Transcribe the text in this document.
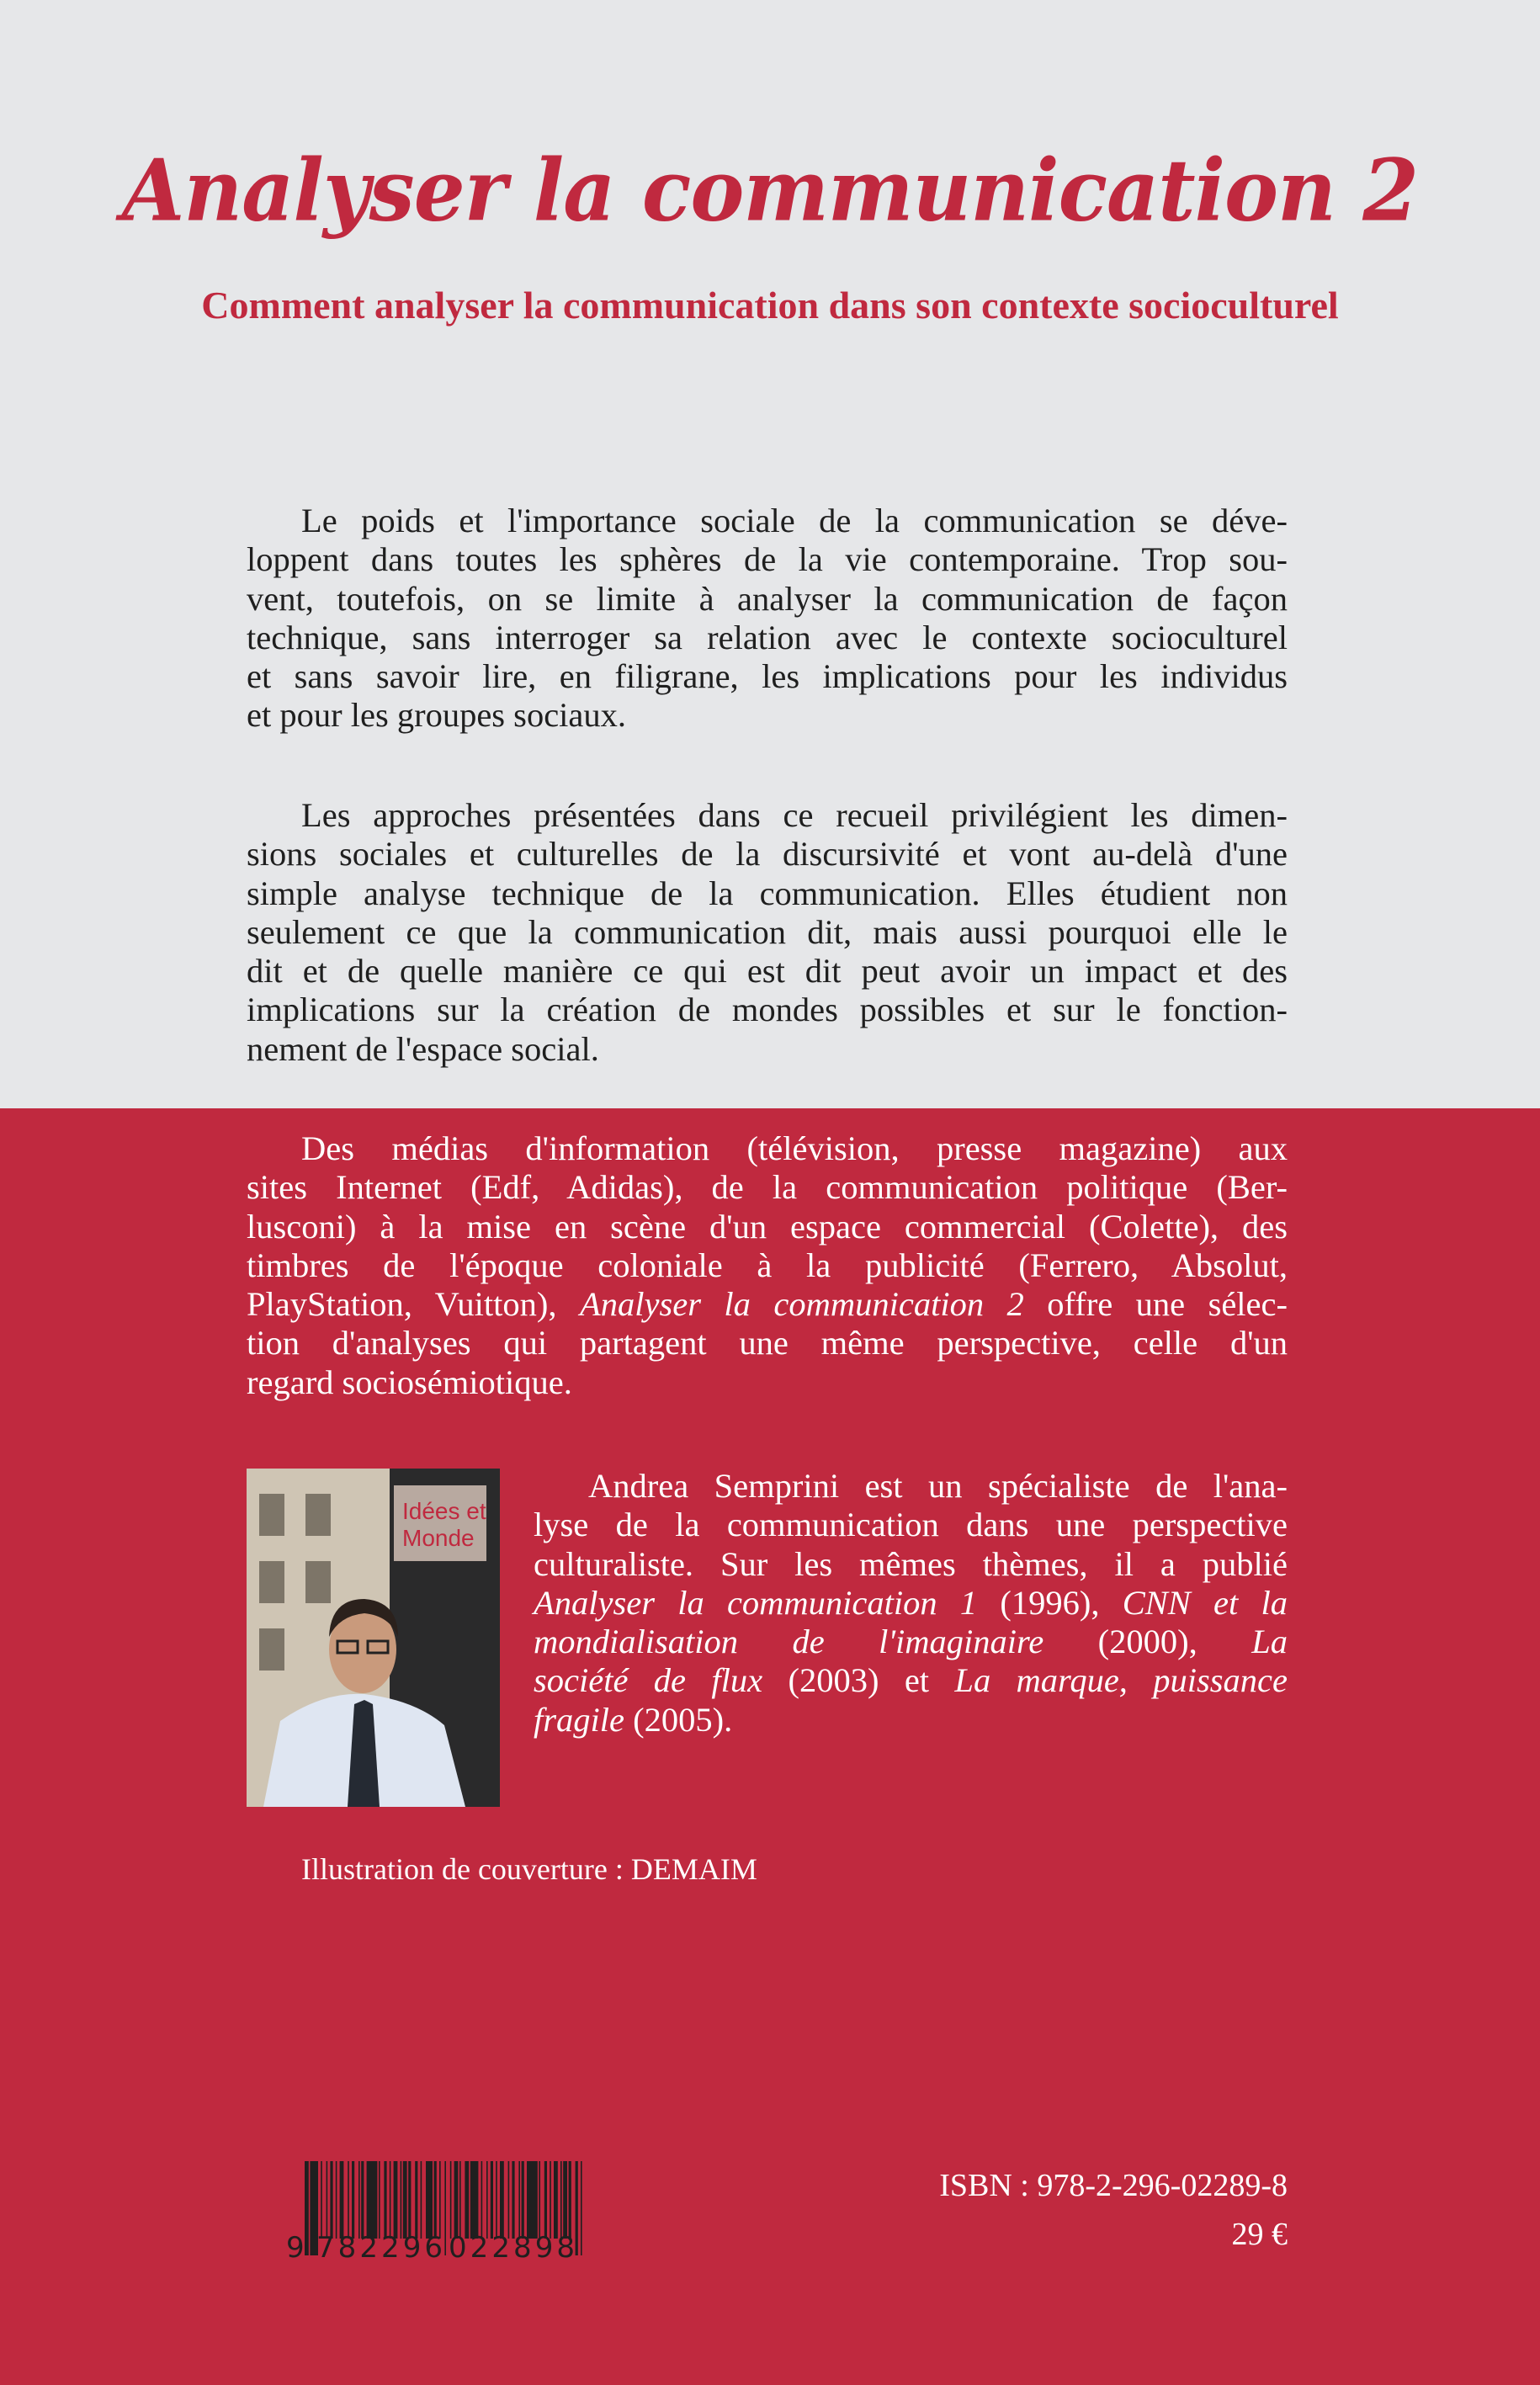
Analyser la communication 2
Comment analyser la communication dans son contexte socioculturel
Le poids et l'importance sociale de la communication se déve-
loppent dans toutes les sphères de la vie contemporaine. Trop sou-
vent, toutefois, on se limite à analyser la communication de façon
technique, sans interroger sa relation avec le contexte socioculturel
et sans savoir lire, en filigrane, les implications pour les individus
et pour les groupes sociaux.
Les approches présentées dans ce recueil privilégient les dimen-
sions sociales et culturelles de la discursivité et vont au-delà d'une
simple analyse technique de la communication. Elles étudient non
seulement ce que la communication dit, mais aussi pourquoi elle le
dit et de quelle manière ce qui est dit peut avoir un impact et des
implications sur la création de mondes possibles et sur le fonction-
nement de l'espace social.
Des médias d'information (télévision, presse magazine) aux
sites Internet (Edf, Adidas), de la communication politique (Ber-
lusconi) à la mise en scène d'un espace commercial (Colette), des
timbres de l'époque coloniale à la publicité (Ferrero, Absolut,
PlayStation, Vuitton), Analyser la communication 2 offre une sélec-
tion d'analyses qui partagent une même perspective, celle d'un
regard sociosémiotique.
Idées et
Monde
Andrea Semprini est un spécialiste de l'ana-
lyse de la communication dans une perspective
culturaliste. Sur les mêmes thèmes, il a publié
Analyser la communication 1 (1996), CNN et la
mondialisation de l'imaginaire (2000), La
société de flux (2003) et La marque, puissance
fragile (2005).
Illustration de couverture : DEMAIM
9 782296 022898
ISBN : 978-2-296-02289-8
29 €
